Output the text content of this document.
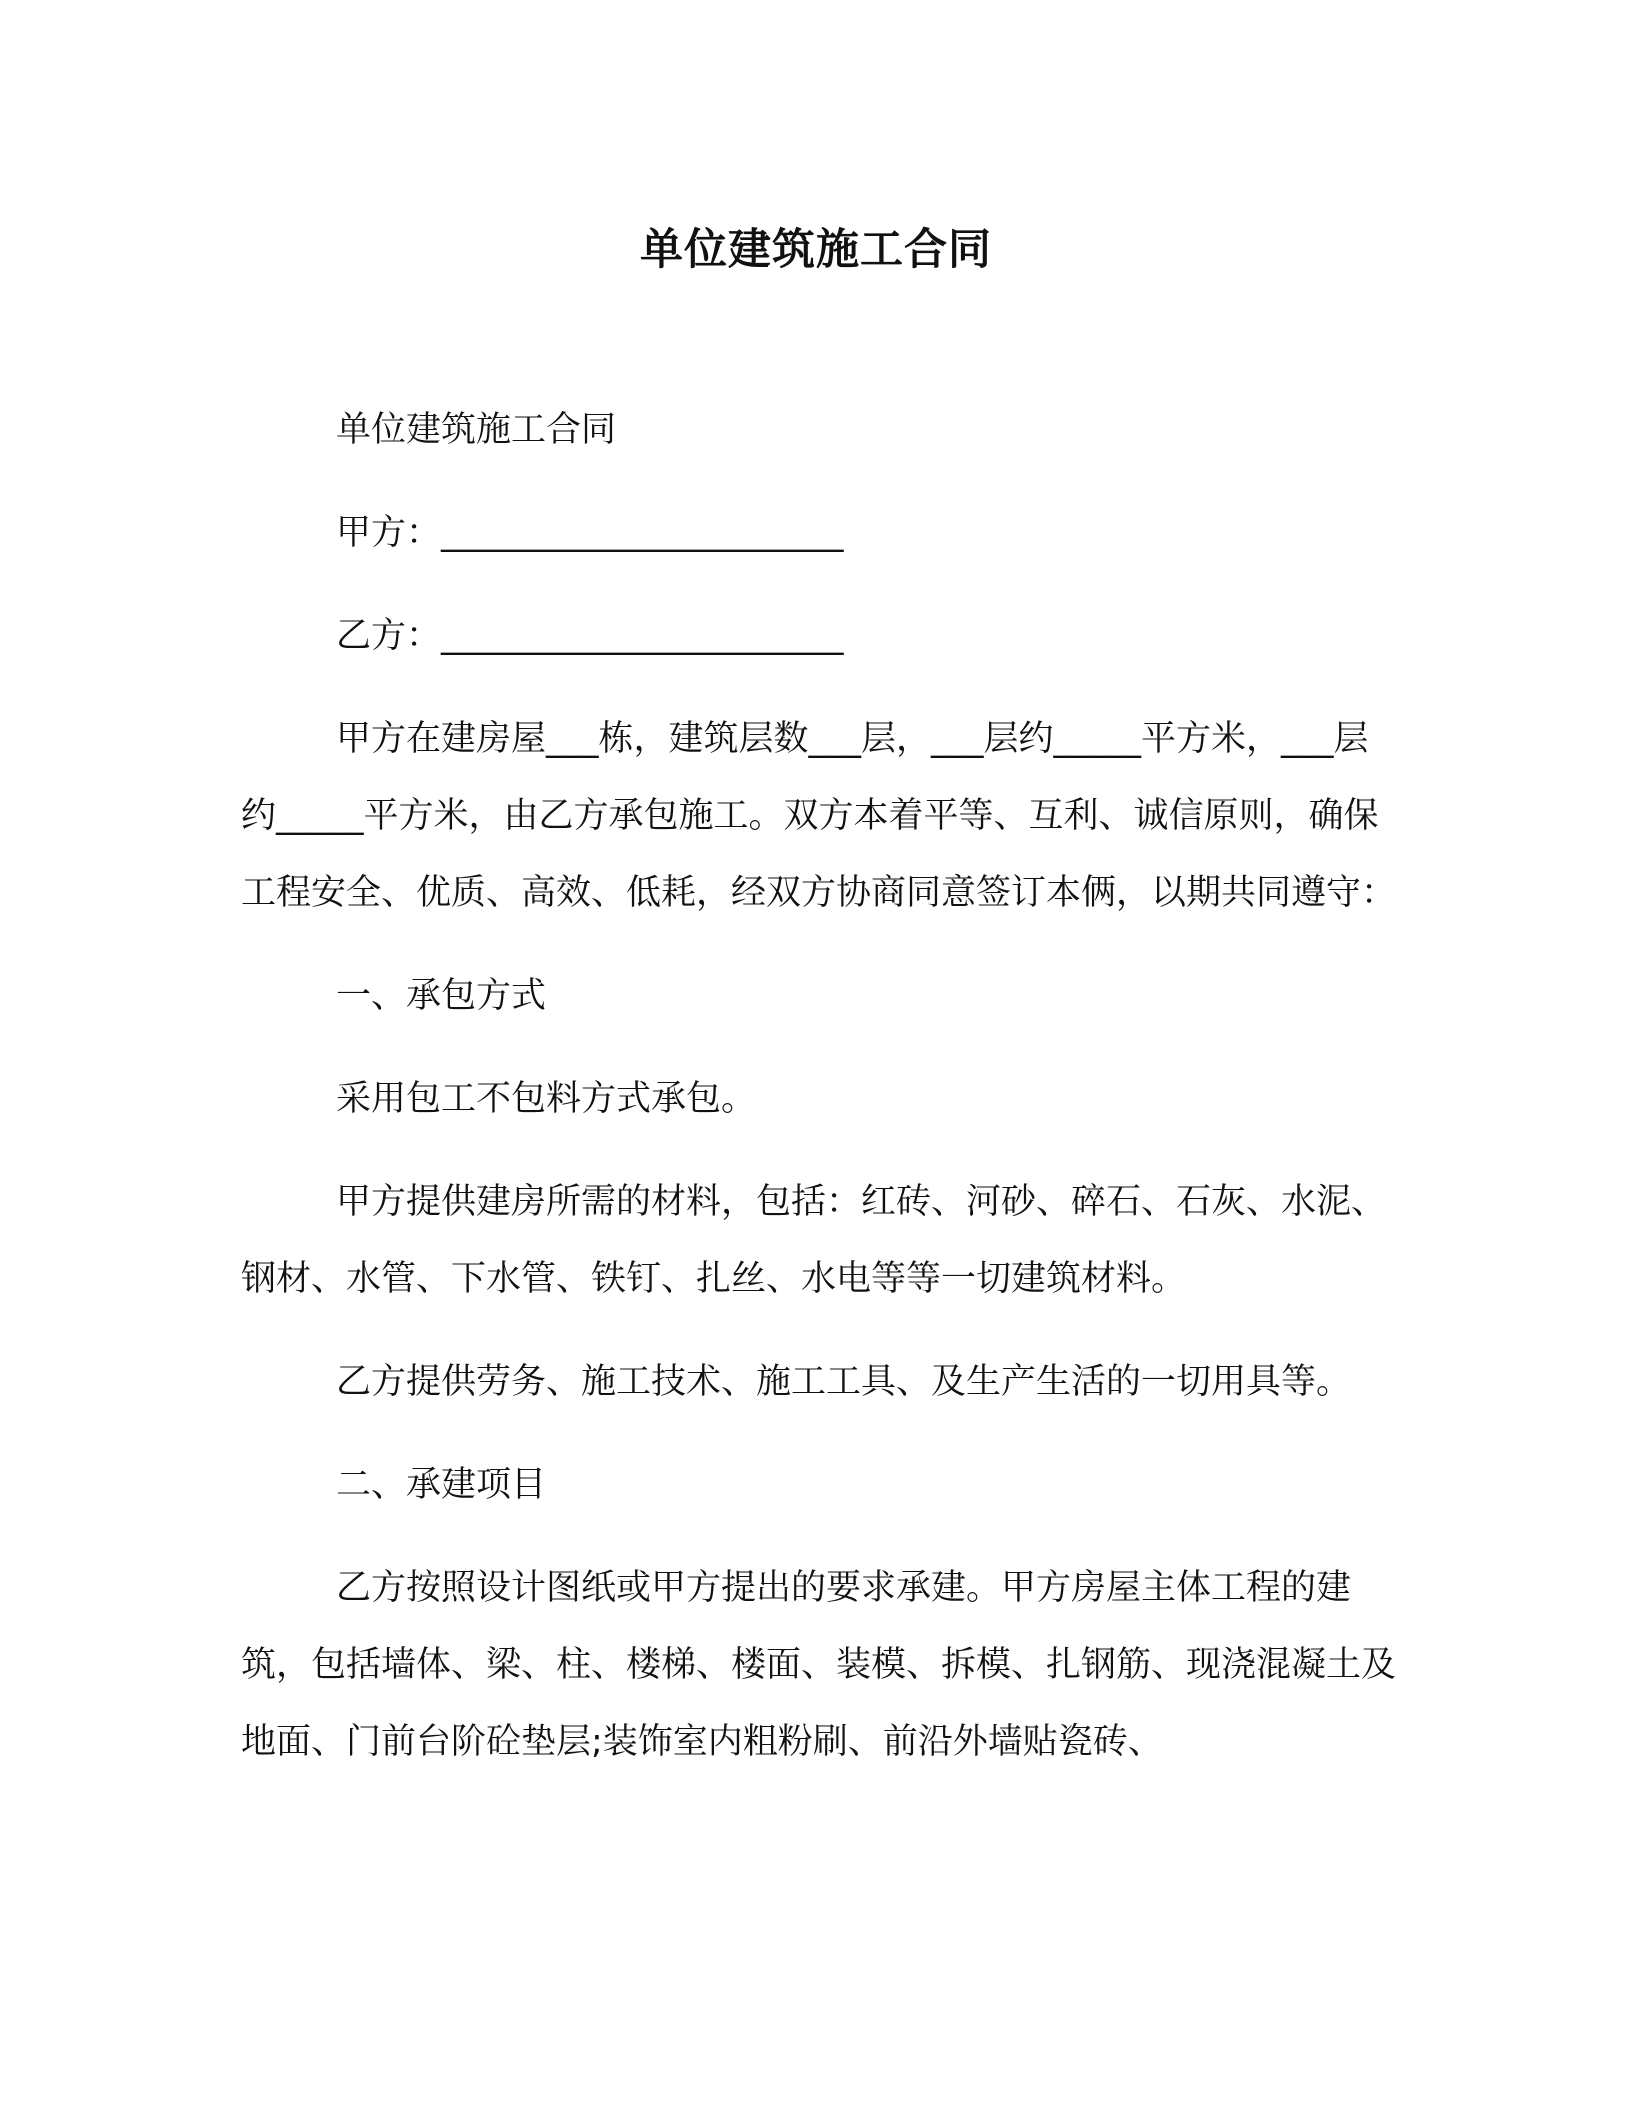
单位建筑施工合同

单位建筑施工合同

甲方：_______________________

乙方：_______________________

甲方在建房屋___栋，建筑层数___层，___层约_____平方米，___层约_____平方米，由乙方承包施工。双方本着平等、互利、诚信原则，确保工程安全、优质、高效、低耗，经双方协商同意签订本俩，以期共同遵守：

一、承包方式

采用包工不包料方式承包。

甲方提供建房所需的材料，包括：红砖、河砂、碎石、石灰、水泥、钢材、水管、下水管、铁钉、扎丝、水电等等一切建筑材料。

乙方提供劳务、施工技术、施工工具、及生产生活的一切用具等。

二、承建项目

乙方按照设计图纸或甲方提出的要求承建。甲方房屋主体工程的建筑，包括墙体、梁、柱、楼梯、楼面、装模、拆模、扎钢筋、现浇混凝土及地面、门前台阶砼垫层;装饰室内粗粉刷、前沿外墙贴瓷砖、
